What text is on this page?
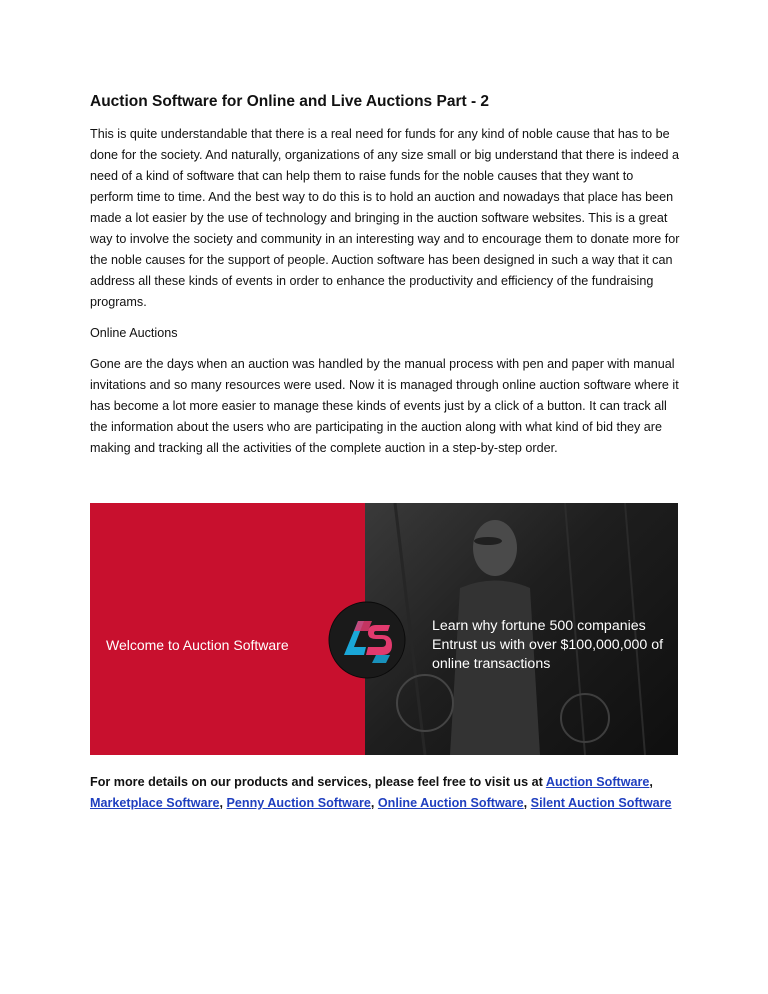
Auction Software for Online and Live Auctions Part - 2

This is quite understandable that there is a real need for funds for any kind of noble cause that has to be done for the society. And naturally, organizations of any size small or big understand that there is indeed a need of a kind of software that can help them to raise funds for the noble causes that they want to perform time to time. And the best way to do this is to hold an auction and nowadays that place has been made a lot easier by the use of technology and bringing in the auction software websites. This is a great way to involve the society and community in an interesting way and to encourage them to donate more for the noble causes for the support of people. Auction software has been designed in such a way that it can address all these kinds of events in order to enhance the productivity and efficiency of the fundraising programs.

Online Auctions

Gone are the days when an auction was handled by the manual process with pen and paper with manual invitations and so many resources were used. Now it is managed through online auction software where it has become a lot more easier to manage these kinds of events just by a click of a button. It can track all the information about the users who are participating in the auction along with what kind of bid they are making and tracking all the activities of the complete auction in a step-by-step order.

Welcome to Auction Software
Learn why fortune 500 companies
Entrust us with over $100,000,000 of
online transactions
For more details on our products and services, please feel free to visit us at Auction Software,
Marketplace Software, Penny Auction Software, Online Auction Software, Silent Auction Software
